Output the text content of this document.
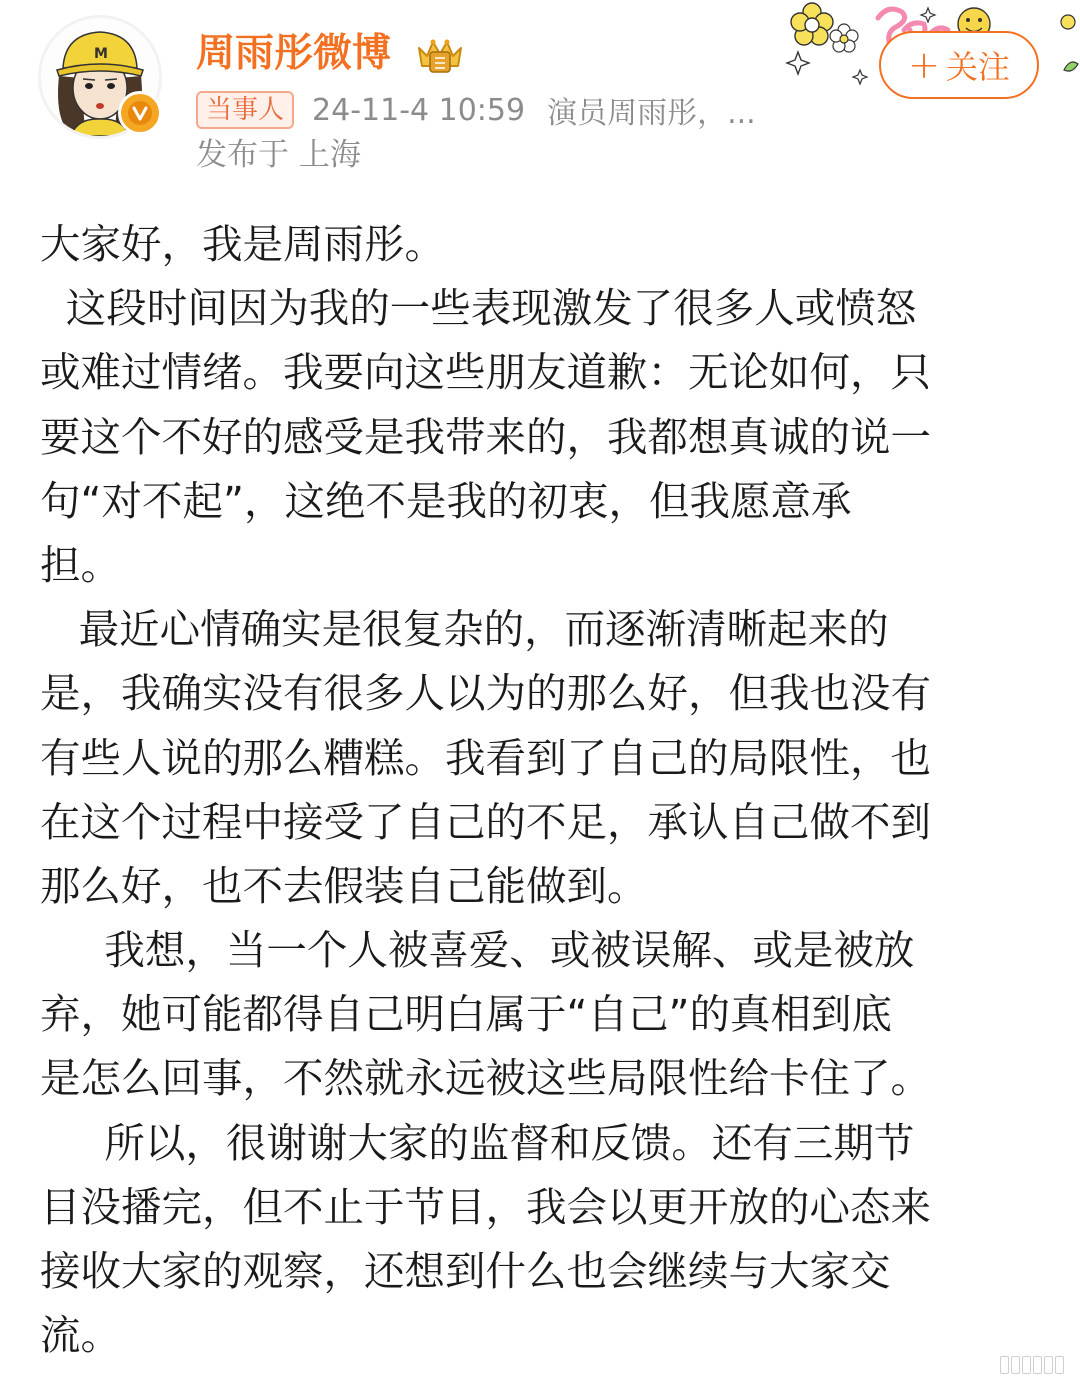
M 周雨彤微博
当事人 24-11-4 10:59 演员周雨彤，...
发布于 上海
+ 关注
大家好，我是周雨彤。
这段时间因为我的一些表现激发了很多人或愤怒
或难过情绪。我要向这些朋友道歉：无论如何，只
要这个不好的感受是我带来的，我都想真诚的说一
句“对不起”，这绝不是我的初衷，但我愿意承
担。
最近心情确实是很复杂的，而逐渐清晰起来的
是，我确实没有很多人以为的那么好，但我也没有
有些人说的那么糟糕。我看到了自己的局限性，也
在这个过程中接受了自己的不足，承认自己做不到
那么好，也不去假装自己能做到。
我想，当一个人被喜爱、或被误解、或是被放
弃，她可能都得自己明白属于“自己”的真相到底
是怎么回事，不然就永远被这些局限性给卡住了。
所以，很谢谢大家的监督和反馈。还有三期节
目没播完，但不止于节目，我会以更开放的心态来
接收大家的观察，还想到什么也会继续与大家交
流。
